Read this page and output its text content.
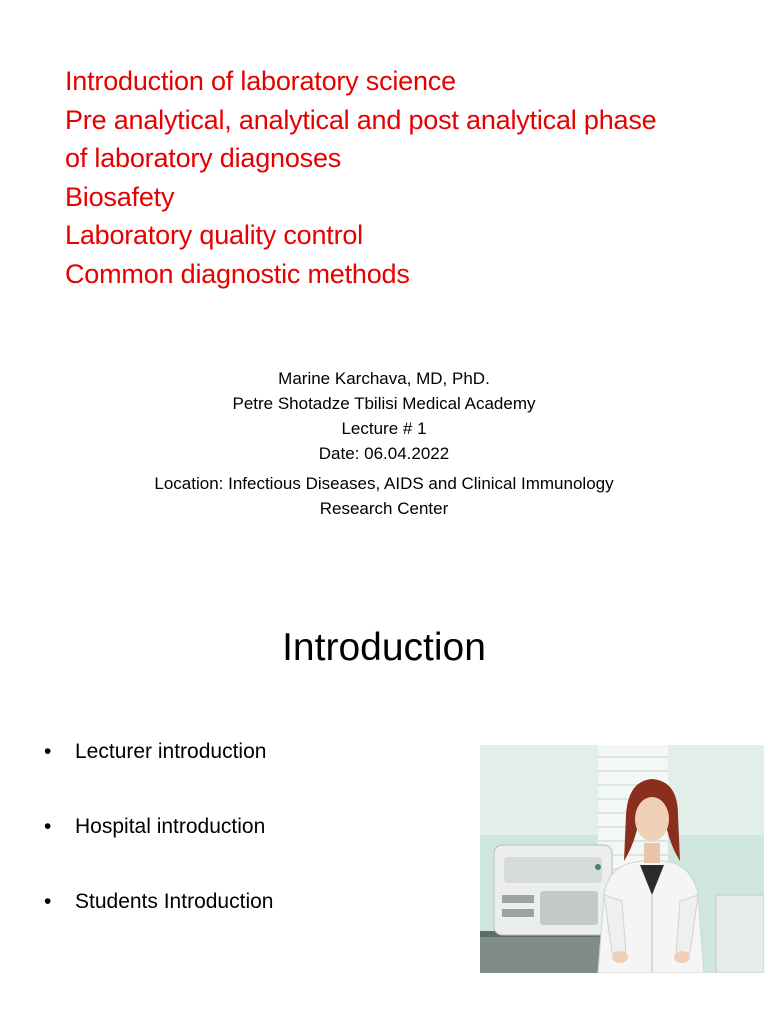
Introduction of laboratory science
Pre analytical, analytical and post analytical phase
of laboratory diagnoses
Biosafety
Laboratory quality control
Common diagnostic methods
Marine Karchava, MD, PhD.
Petre Shotadze Tbilisi Medical Academy
Lecture # 1
Date: 06.04.2022
Location: Infectious Diseases, AIDS and Clinical Immunology
Research Center
Introduction
• Lecturer introduction
• Hospital introduction
• Students Introduction
